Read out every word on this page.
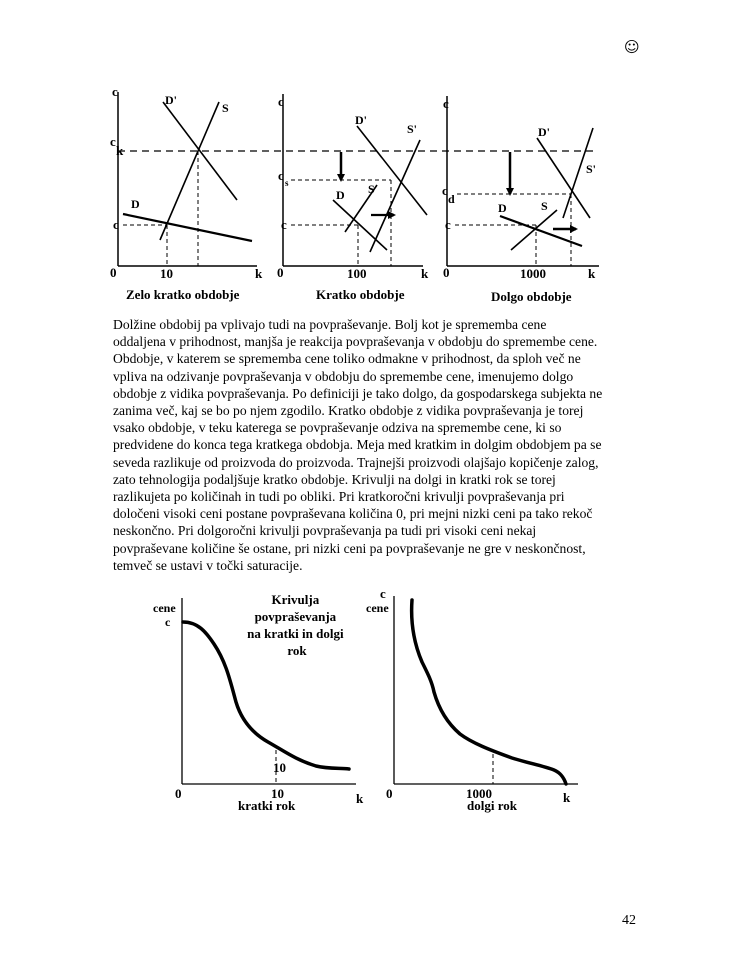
☺
c
k
0	10
c
k
c
D'
S
D
Zelo kratko obdobje
c
k
0	100
c s
c
D'
S'
D S
Kratko obdobje
c
k
0	1000
c
d
c
D'
S'
D	S
Dolgo obdobje

Dolžine obdobij pa vplivajo tudi na povpraševanje. Bolj kot je sprememba cene

oddaljena v prihodnost, manjša je reakcija povpraševanja v obdobju do spremembe cene.

Obdobje, v katerem se sprememba cene toliko odmakne v prihodnost, da sploh več ne

vpliva na odzivanje povpraševanja v obdobju do spremembe cene, imenujemo dolgo

obdobje z vidika povpraševanja. Po definiciji je tako dolgo, da gospodarskega subjekta ne

zanima več, kaj se bo po njem zgodilo. Kratko obdobje z vidika povpraševanja je torej

vsako obdobje, v teku katerega se povpraševanje odziva na spremembe cene, ki so

predvidene do konca tega kratkega obdobja. Meja med kratkim in dolgim obdobjem pa se

seveda razlikuje od proizvoda do proizvoda. Trajnejši proizvodi olajšajo kopičenje zalog,

zato tehnologija podaljšuje kratko obdobje. Krivulji na dolgi in kratki rok se torej

razlikujeta po količinah in tudi po obliki. Pri kratkoročni krivulji povpraševanja pri

določeni visoki ceni postane povpraševana količina 0, pri mejni nizki ceni pa tako rekoč

neskončno. Pri dolgoročni krivulji povpraševanja pa tudi pri visoki ceni nekaj

povpraševane količine še ostane, pri nizki ceni pa povpraševanje ne gre v neskončnost,

temveč se ustavi v točki saturacije.

cene
c
0	10
10
k
kratki rok
c
cene
0	1000	k
dolgi rok
Krivulja povpraševanja na kratki in dolgi rok
42
